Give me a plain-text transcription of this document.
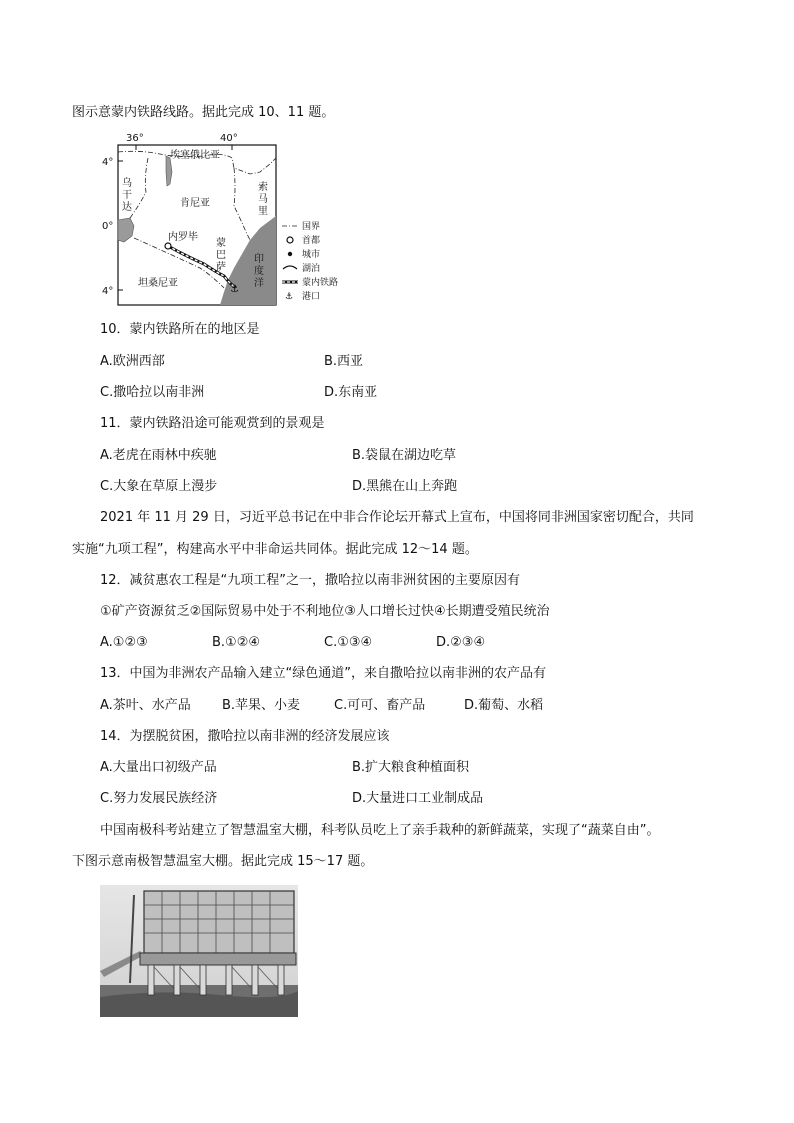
图示意蒙内铁路线路。据此完成 10、11 题。
36°	40°
4°
0°
4°	⚓
埃塞俄比亚
乌
干
达	肯尼亚
索
马
里
坦桑尼亚
印
度
洋
内罗毕
蒙
巴
萨
国界
首都
城市
湖泊
蒙内铁路
⚓ 港口
10．蒙内铁路所在的地区是
A.欧洲西部	B.西亚
C.撒哈拉以南非洲	D.东南亚
11．蒙内铁路沿途可能观赏到的景观是
A.老虎在雨林中疾驰	B.袋鼠在湖边吃草
C.大象在草原上漫步	D.黑熊在山上奔跑
2021 年 11 月 29 日，习近平总书记在中非合作论坛开幕式上宣布，中国将同非洲国家密切配合，共同
实施“九项工程”，构建高水平中非命运共同体。据此完成 12～14 题。
12．减贫惠农工程是“九项工程”之一，撒哈拉以南非洲贫困的主要原因有
①矿产资源贫乏②国际贸易中处于不利地位③人口增长过快④长期遭受殖民统治
A.①②③	B.①②④	C.①③④	D.②③④
13．中国为非洲农产品输入建立“绿色通道”，来自撒哈拉以南非洲的农产品有
A.茶叶、水产品 B.苹果、小麦	C.可可、畜产品	D.葡萄、水稻
14．为摆脱贫困，撒哈拉以南非洲的经济发展应该
A.大量出口初级产品	B.扩大粮食种植面积
C.努力发展民族经济	D.大量进口工业制成品
中国南极科考站建立了智慧温室大棚，科考队员吃上了亲手栽种的新鲜蔬菜，实现了“蔬菜自由”。
下图示意南极智慧温室大棚。据此完成 15～17 题。
